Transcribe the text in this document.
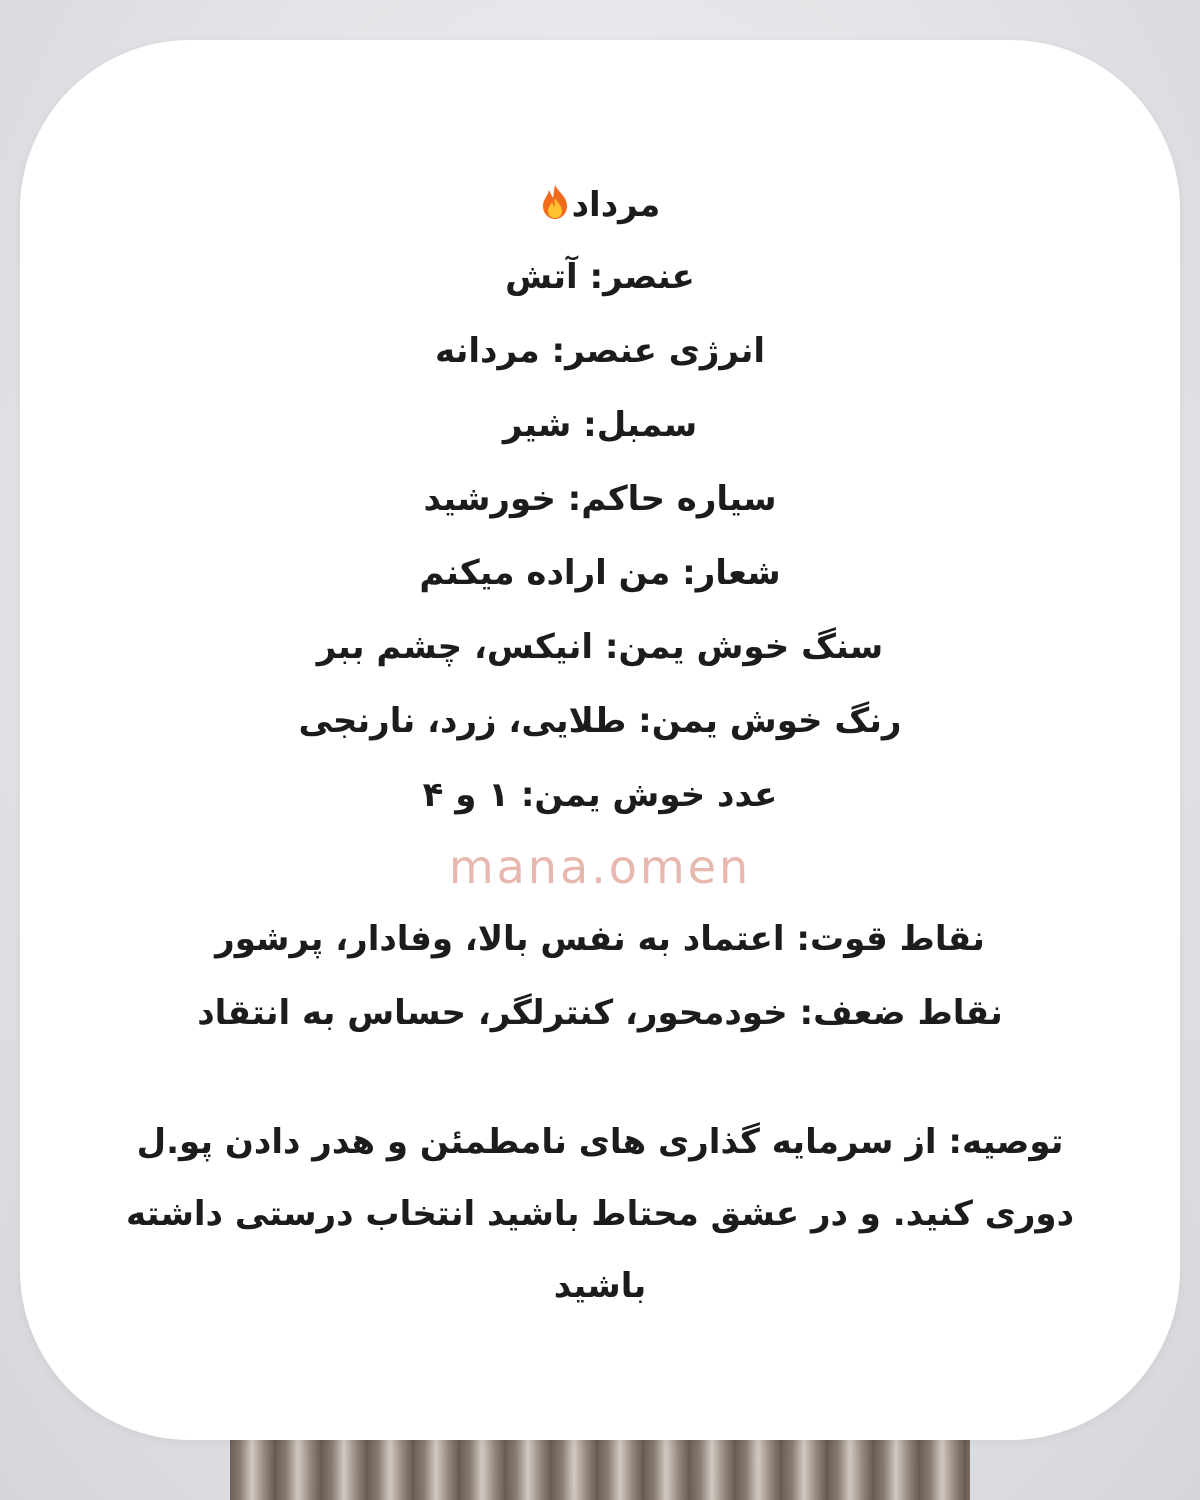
مرداد
عنصر: آتش
انرژی عنصر: مردانه
سمبل: شیر
سیاره حاکم: خورشید
شعار: من اراده میکنم
سنگ خوش یمن: انیکس، چشم ببر
رنگ خوش یمن: طلایی، زرد، نارنجی
عدد خوش یمن: ۱ و ۴
mana.omen
نقاط قوت: اعتماد به نفس بالا، وفادار، پرشور
نقاط ضعف: خودمحور، کنترلگر، حساس به انتقاد
توصیه: از سرمایه گذاری های نامطمئن و هدر دادن پو.ل دوری کنید. و در عشق محتاط باشید انتخاب درستی داشته باشید
